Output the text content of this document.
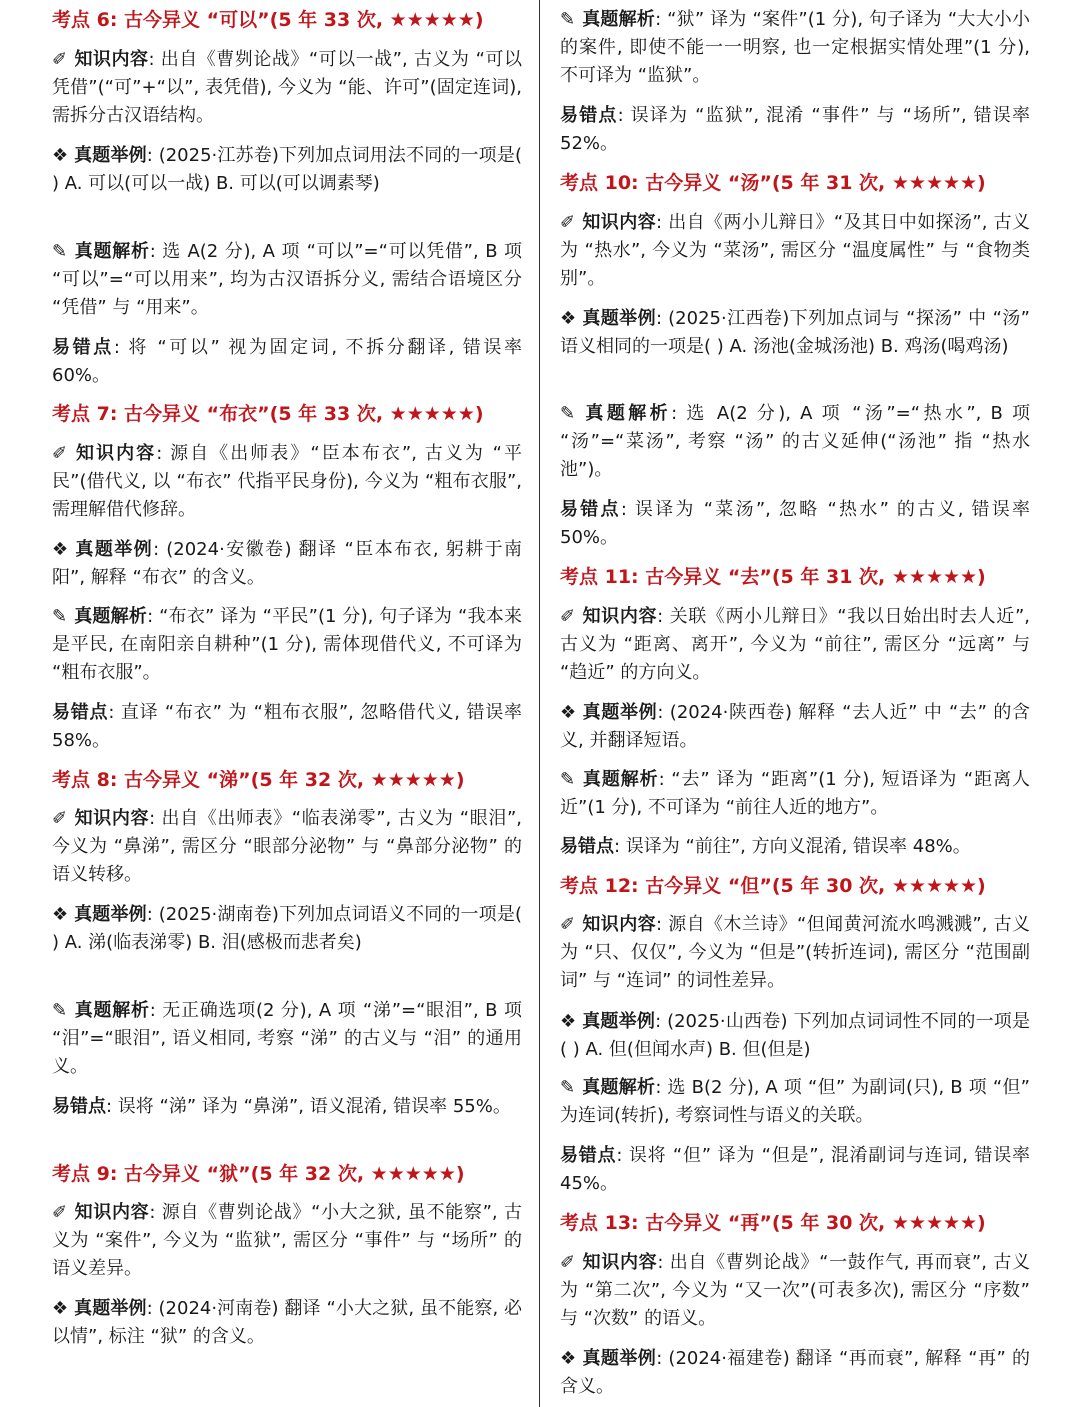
考点 6: 古今异义 “可以”(5 年 33 次, ★★★★★)

✐ 知识内容: 出自《曹刿论战》“可以一战”, 古义为 “可以凭借”(“可”+“以”, 表凭借), 今义为 “能、许可”(固定连词), 需拆分古汉语结构。

❖ 真题举例: (2025·江苏卷)下列加点词用法不同的一项是( ) A. 可以(可以一战) B. 可以(可以调素琴)

✎ 真题解析: 选 A(2 分), A 项 “可以”=“可以凭借”, B 项 “可以”=“可以用来”, 均为古汉语拆分义, 需结合语境区分 “凭借” 与 “用来”。

易错点: 将 “可以” 视为固定词, 不拆分翻译, 错误率 60%。

考点 7: 古今异义 “布衣”(5 年 33 次, ★★★★★)

✐ 知识内容: 源自《出师表》“臣本布衣”, 古义为 “平民”(借代义, 以 “布衣” 代指平民身份), 今义为 “粗布衣服”, 需理解借代修辞。

❖ 真题举例: (2024·安徽卷) 翻译 “臣本布衣, 躬耕于南阳”, 解释 “布衣” 的含义。

✎ 真题解析: “布衣” 译为 “平民”(1 分), 句子译为 “我本来是平民, 在南阳亲自耕种”(1 分), 需体现借代义, 不可译为 “粗布衣服”。

易错点: 直译 “布衣” 为 “粗布衣服”, 忽略借代义, 错误率 58%。

考点 8: 古今异义 “涕”(5 年 32 次, ★★★★★)

✐ 知识内容: 出自《出师表》“临表涕零”, 古义为 “眼泪”, 今义为 “鼻涕”, 需区分 “眼部分泌物” 与 “鼻部分泌物” 的语义转移。

❖ 真题举例: (2025·湖南卷)下列加点词语义不同的一项是( ) A. 涕(临表涕零) B. 泪(感极而悲者矣)

✎ 真题解析: 无正确选项(2 分), A 项 “涕”=“眼泪”, B 项 “泪”=“眼泪”, 语义相同, 考察 “涕” 的古义与 “泪” 的通用义。

易错点: 误将 “涕” 译为 “鼻涕”, 语义混淆, 错误率 55%。

考点 9: 古今异义 “狱”(5 年 32 次, ★★★★★)

✐ 知识内容: 源自《曹刿论战》“小大之狱, 虽不能察”, 古义为 “案件”, 今义为 “监狱”, 需区分 “事件” 与 “场所” 的语义差异。

❖ 真题举例: (2024·河南卷) 翻译 “小大之狱, 虽不能察, 必以情”, 标注 “狱” 的含义。

✎ 真题解析: “狱” 译为 “案件”(1 分), 句子译为 “大大小小的案件, 即使不能一一明察, 也一定根据实情处理”(1 分), 不可译为 “监狱”。

易错点: 误译为 “监狱”, 混淆 “事件” 与 “场所”, 错误率 52%。

考点 10: 古今异义 “汤”(5 年 31 次, ★★★★★)

✐ 知识内容: 出自《两小儿辩日》“及其日中如探汤”, 古义为 “热水”, 今义为 “菜汤”, 需区分 “温度属性” 与 “食物类别”。

❖ 真题举例: (2025·江西卷)下列加点词与 “探汤” 中 “汤” 语义相同的一项是( ) A. 汤池(金城汤池) B. 鸡汤(喝鸡汤)

✎ 真题解析: 选 A(2 分), A 项 “汤”=“热水”, B 项 “汤”=“菜汤”, 考察 “汤” 的古义延伸(“汤池” 指 “热水池”)。

易错点: 误译为 “菜汤”, 忽略 “热水” 的古义, 错误率 50%。

考点 11: 古今异义 “去”(5 年 31 次, ★★★★★)

✐ 知识内容: 关联《两小儿辩日》“我以日始出时去人近”, 古义为 “距离、离开”, 今义为 “前往”, 需区分 “远离” 与 “趋近” 的方向义。

❖ 真题举例: (2024·陕西卷) 解释 “去人近” 中 “去” 的含义, 并翻译短语。

✎ 真题解析: “去” 译为 “距离”(1 分), 短语译为 “距离人近”(1 分), 不可译为 “前往人近的地方”。

易错点: 误译为 “前往”, 方向义混淆, 错误率 48%。

考点 12: 古今异义 “但”(5 年 30 次, ★★★★★)

✐ 知识内容: 源自《木兰诗》“但闻黄河流水鸣溅溅”, 古义为 “只、仅仅”, 今义为 “但是”(转折连词), 需区分 “范围副词” 与 “连词” 的词性差异。

❖ 真题举例: (2025·山西卷) 下列加点词词性不同的一项是( ) A. 但(但闻水声) B. 但(但是)

✎ 真题解析: 选 B(2 分), A 项 “但” 为副词(只), B 项 “但” 为连词(转折), 考察词性与语义的关联。

易错点: 误将 “但” 译为 “但是”, 混淆副词与连词, 错误率 45%。

考点 13: 古今异义 “再”(5 年 30 次, ★★★★★)

✐ 知识内容: 出自《曹刿论战》“一鼓作气, 再而衰”, 古义为 “第二次”, 今义为 “又一次”(可表多次), 需区分 “序数” 与 “次数” 的语义。

❖ 真题举例: (2024·福建卷) 翻译 “再而衰”, 解释 “再” 的含义。
